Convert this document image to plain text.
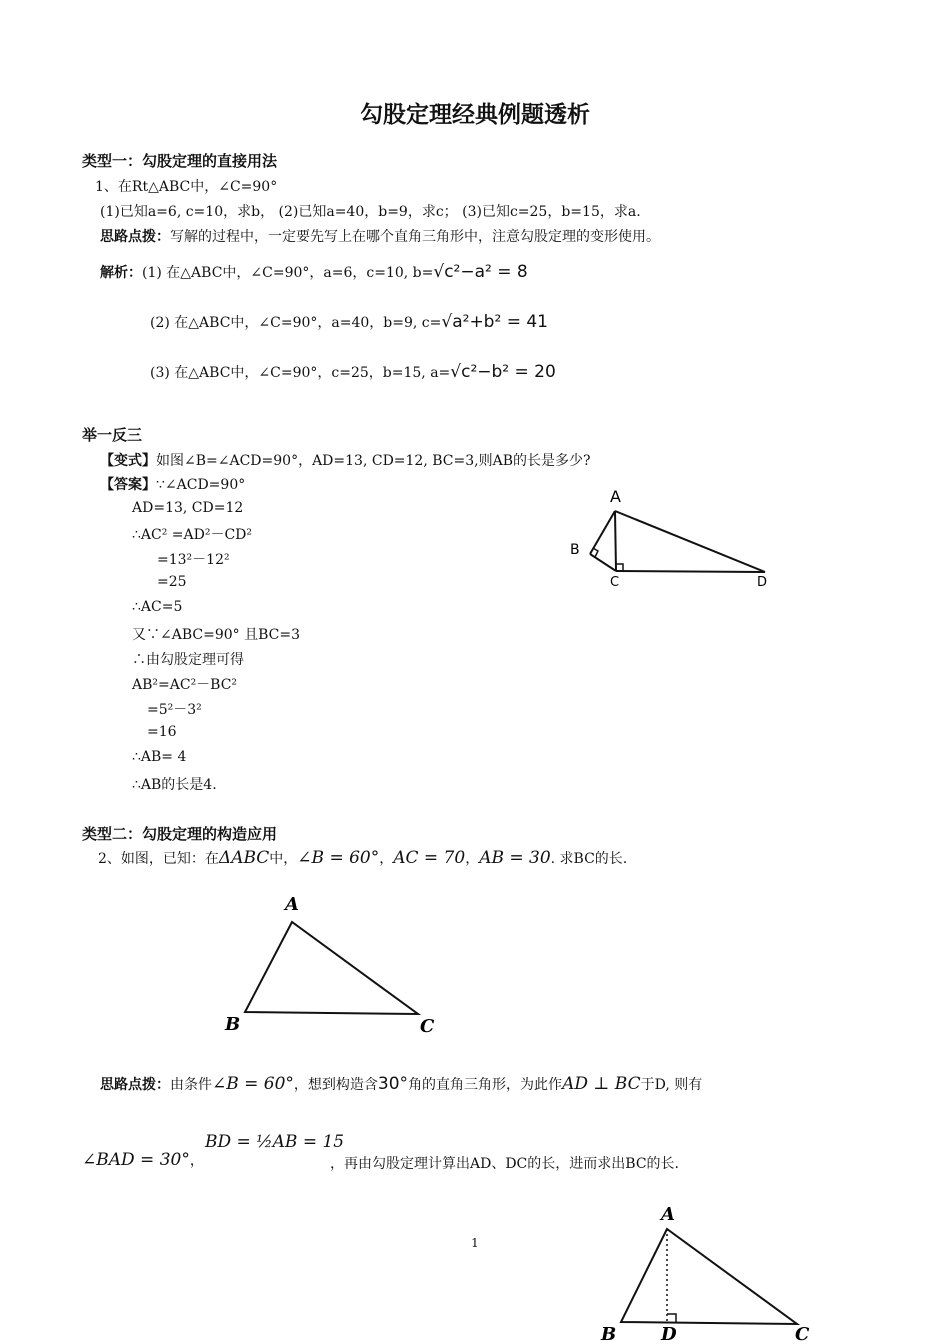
勾股定理经典例题透析
类型一：勾股定理的直接用法
1、在Rt△ABC中，∠C=90°
(1)已知a=6, c=10，求b， (2)已知a=40，b=9，求c； (3)已知c=25，b=15，求a.
思路点拨：写解的过程中，一定要先写上在哪个直角三角形中，注意勾股定理的变形使用。
解析：(1) 在△ABC中，∠C=90°，a=6，c=10, b=√c²−a² = 8
(2) 在△ABC中，∠C=90°，a=40，b=9, c=√a²+b² = 41
(3) 在△ABC中，∠C=90°，c=25，b=15, a=√c²−b² = 20
举一反三
【变式】如图∠B=∠ACD=90°，AD=13, CD=12, BC=3,则AB的长是多少?
【答案】∵∠ACD=90°
AD=13, CD=12
∴AC² =AD²－CD²
=13²－12²
=25
∴AC=5
又∵∠ABC=90° 且BC=3
∴由勾股定理可得
AB²=AC²－BC²
=5²－3²
=16
∴AB= 4
∴AB的长是4.
A
B
C	D
类型二：勾股定理的构造应用
2、如图，已知：在ΔABC中，∠B = 60°，AC = 70，AB = 30. 求BC的长.
A
B	C
思路点拨：由条件∠B = 60°，想到构造含30°角的直角三角形，为此作AD ⊥ BC于D, 则有
∠BAD = 30°，
BD = ½AB = 15
，再由勾股定理计算出AD、DC的长，进而求出BC的长.
1
A
B D	C
